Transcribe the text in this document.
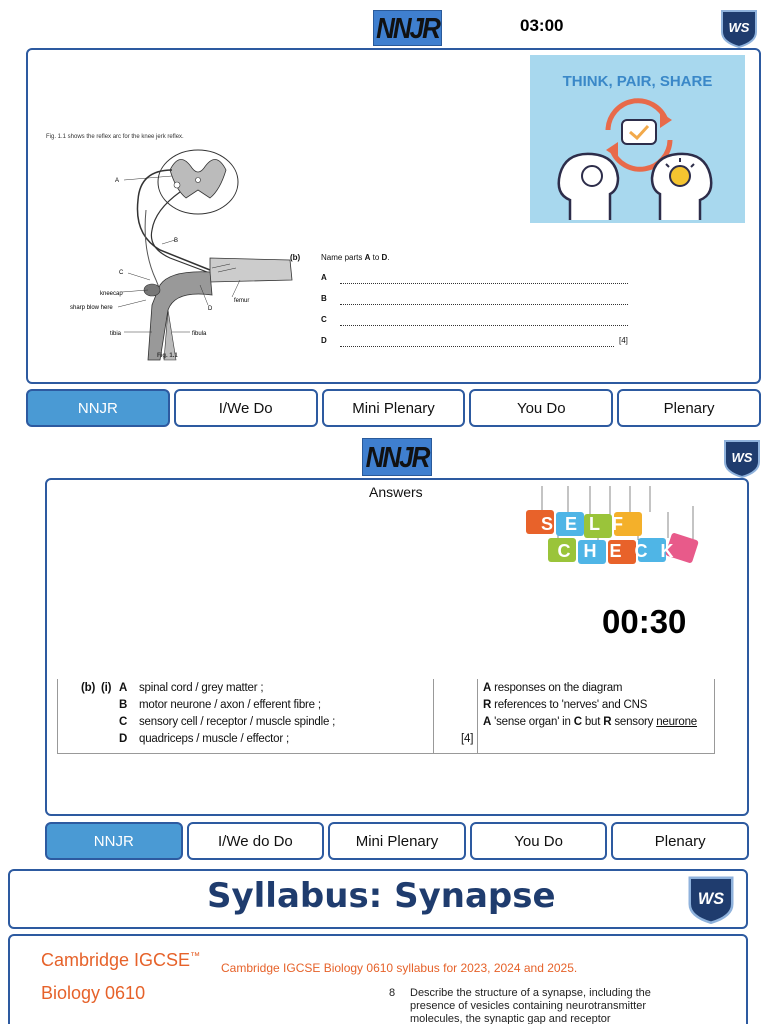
NNJR	03:00	WS
Fig. 1.1 shows the reflex arc for the knee jerk reflex.
A
B
C
D
kneecap
sharp blow here
femur
tibia	fibula
Fig. 1.1
(b)	Name parts A to D.
A
B
C
D	[4]
THINK, PAIR, SHARE
NNJR	I/We Do	Mini Plenary	You Do	Plenary
NNJR	WS
Answers
SELF
CHECK
00:30
(b) (i) A spinal cord / grey matter ;
B motor neurone / axon / efferent fibre ;
C sensory cell / receptor / muscle spindle ;
D quadriceps / muscle / effector ;	[4]
A responses on the diagram
R references to 'nerves' and CNS
A 'sense organ' in C but R sensory neurone
NNJR	I/We do Do	Mini Plenary	You Do	Plenary
Syllabus: Synapse	WS
Cambridge IGCSE™
Biology 0610
Cambridge IGCSE Biology 0610 syllabus for 2023, 2024 and 2025.
8 Describe the structure of a synapse, including the presence of vesicles containing neurotransmitter molecules, the synaptic gap and receptor
